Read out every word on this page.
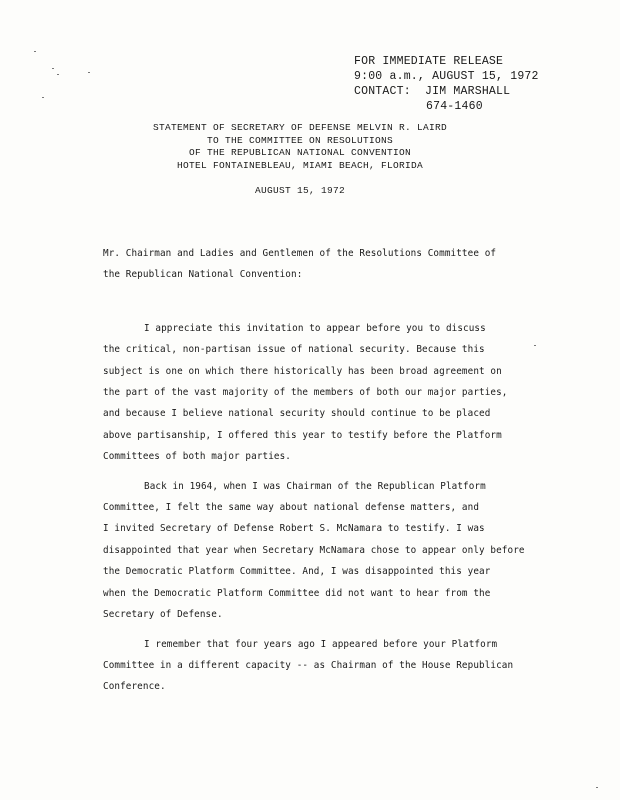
FOR IMMEDIATE RELEASE
9:00 a.m., AUGUST 15, 1972
CONTACT:  JIM MARSHALL
674-1460
STATEMENT OF SECRETARY OF DEFENSE MELVIN R. LAIRD
TO THE COMMITTEE ON RESOLUTIONS
OF THE REPUBLICAN NATIONAL CONVENTION
HOTEL FONTAINEBLEAU, MIAMI BEACH, FLORIDA
AUGUST 15, 1972

Mr. Chairman and Ladies and Gentlemen of the Resolutions Committee of
the Republican National Convention:

I appreciate this invitation to appear before you to discuss
the critical, non-partisan issue of national security. Because this
subject is one on which there historically has been broad agreement on
the part of the vast majority of the members of both our major parties,
and because I believe national security should continue to be placed
above partisanship, I offered this year to testify before the Platform
Committees of both major parties.

Back in 1964, when I was Chairman of the Republican Platform
Committee, I felt the same way about national defense matters, and
I invited Secretary of Defense Robert S. McNamara to testify. I was
disappointed that year when Secretary McNamara chose to appear only before
the Democratic Platform Committee. And, I was disappointed this year
when the Democratic Platform Committee did not want to hear from the
Secretary of Defense.

I remember that four years ago I appeared before your Platform
Committee in a different capacity -- as Chairman of the House Republican
Conference.
